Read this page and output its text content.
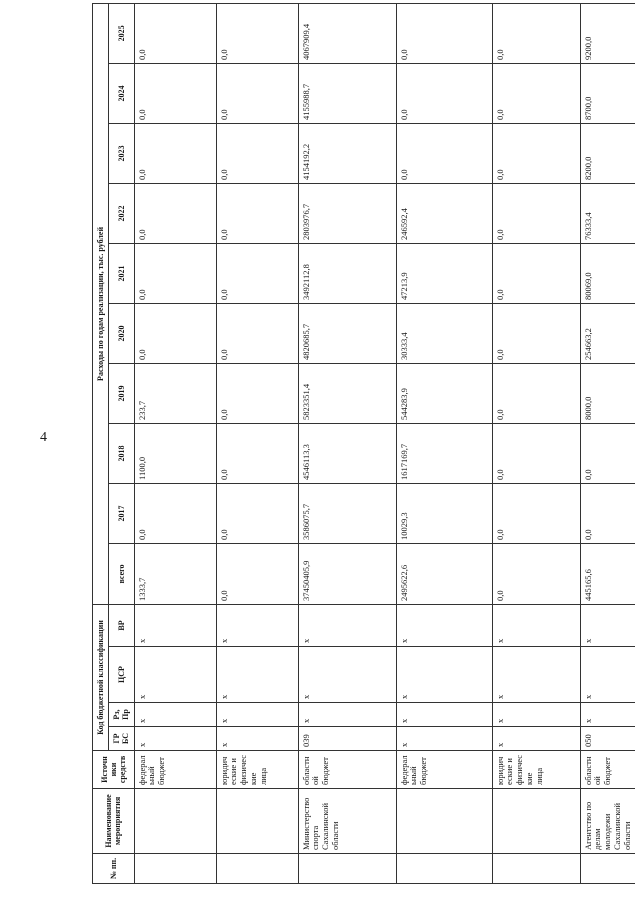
4
№ пп.	Наименование мероприятия	Источники средств	Код бюджетной классификации				Расходы по годам реализации, тыс. рублей									
			ГР БС	Рз, Пр	ЦСР	ВР	всего	2017	2018	2019	2020	2021	2022	2023	2024	2025
		федеральный бюджет	x	x	x	x	1333,7	0,0	1100,0	233,7	0,0	0,0	0,0	0,0	0,0	0,0
		юридические и физические лица	x	x	x	x	0,0	0,0	0,0	0,0	0,0	0,0	0,0	0,0	0,0	0,0
	Министерство спорта Сахалинской области	областной бюджет	039	x	x	x	37450405,9	3586075,7	4546113,3	5823351,4	4820685,7	3492112,8	2803976,7	4154192,2	4155988,7	4067909,4
		федеральный бюджет	x	x	x	x	2495622,6	10029,3	1617169,7	544283,9	30333,4	47213,9	246592,4	0,0	0,0	0,0
		юридические и физические лица	x	x	x	x	0,0	0,0	0,0	0,0	0,0	0,0	0,0	0,0	0,0	0,0
	Агентство по делам молодежи Сахалинской области	областной бюджет	050	x	x	x	445165,6	0,0	0,0	8000,0	254663,2	80069,0	76333,4	8200,0	8700,0	9200,0
